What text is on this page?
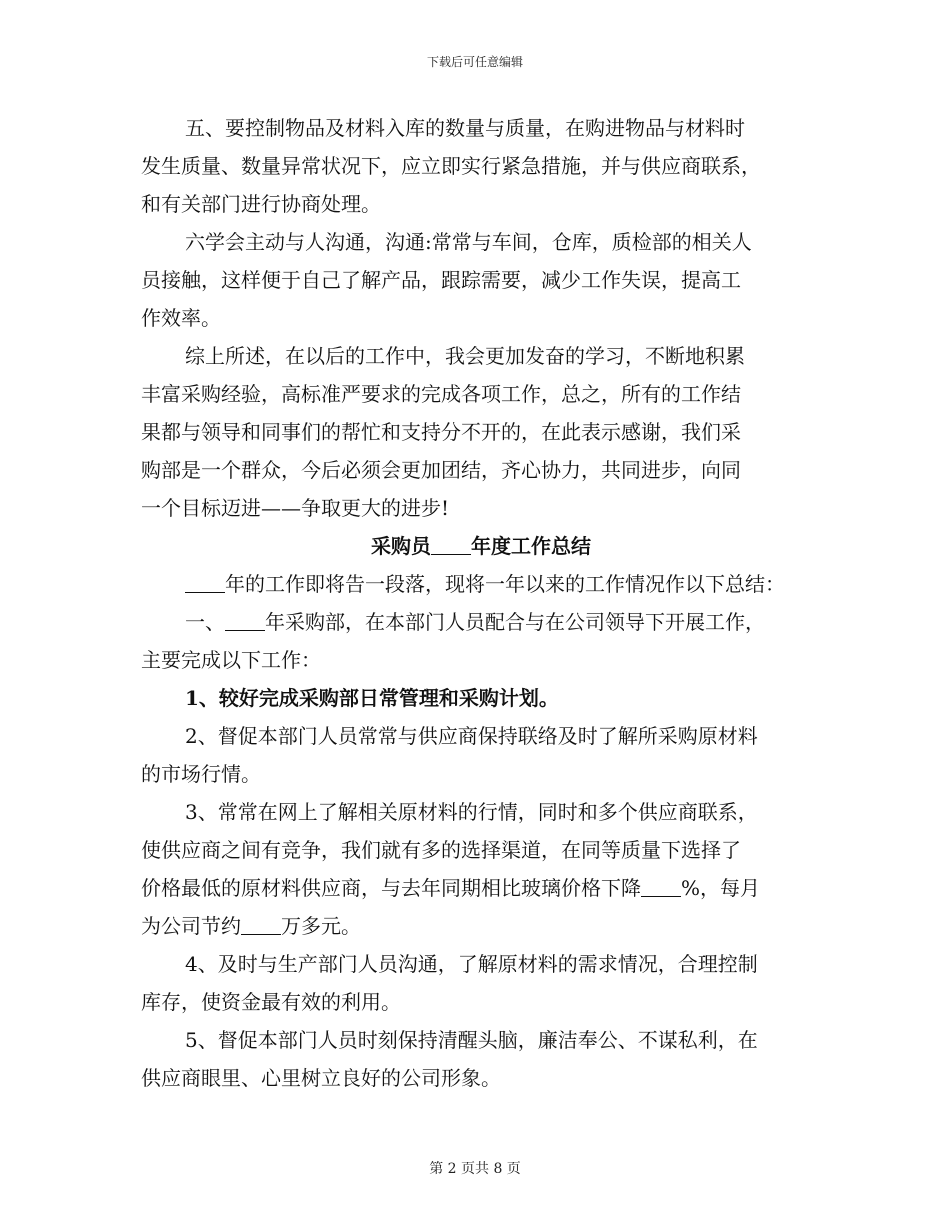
下载后可任意编辑
五、要控制物品及材料入库的数量与质量，在购进物品与材料时
发生质量、数量异常状况下，应立即实行紧急措施，并与供应商联系，
和有关部门进行协商处理。
六学会主动与人沟通，沟通:常常与车间，仓库，质检部的相关人
员接触，这样便于自己了解产品，跟踪需要，减少工作失误，提高工
作效率。
综上所述，在以后的工作中，我会更加发奋的学习，不断地积累
丰富采购经验，高标准严要求的完成各项工作，总之，所有的工作结
果都与领导和同事们的帮忙和支持分不开的，在此表示感谢，我们采
购部是一个群众，今后必须会更加团结，齐心协力，共同进步，向同
一个目标迈进——争取更大的进步!
采购员 年度工作总结
年的工作即将告一段落，现将一年以来的工作情况作以下总结：
一、 年采购部，在本部门人员配合与在公司领导下开展工作，
主要完成以下工作：
1、较好完成采购部日常管理和采购计划。
2、督促本部门人员常常与供应商保持联络及时了解所采购原材料
的市场行情。
3、常常在网上了解相关原材料的行情，同时和多个供应商联系，
使供应商之间有竞争，我们就有多的选择渠道，在同等质量下选择了
价格最低的原材料供应商，与去年同期相比玻璃价格下降 %，每月
为公司节约 万多元。
4、及时与生产部门人员沟通，了解原材料的需求情况，合理控制
库存，使资金最有效的利用。
5、督促本部门人员时刻保持清醒头脑，廉洁奉公、不谋私利，在
供应商眼里、心里树立良好的公司形象。
第 2 页共 8 页
